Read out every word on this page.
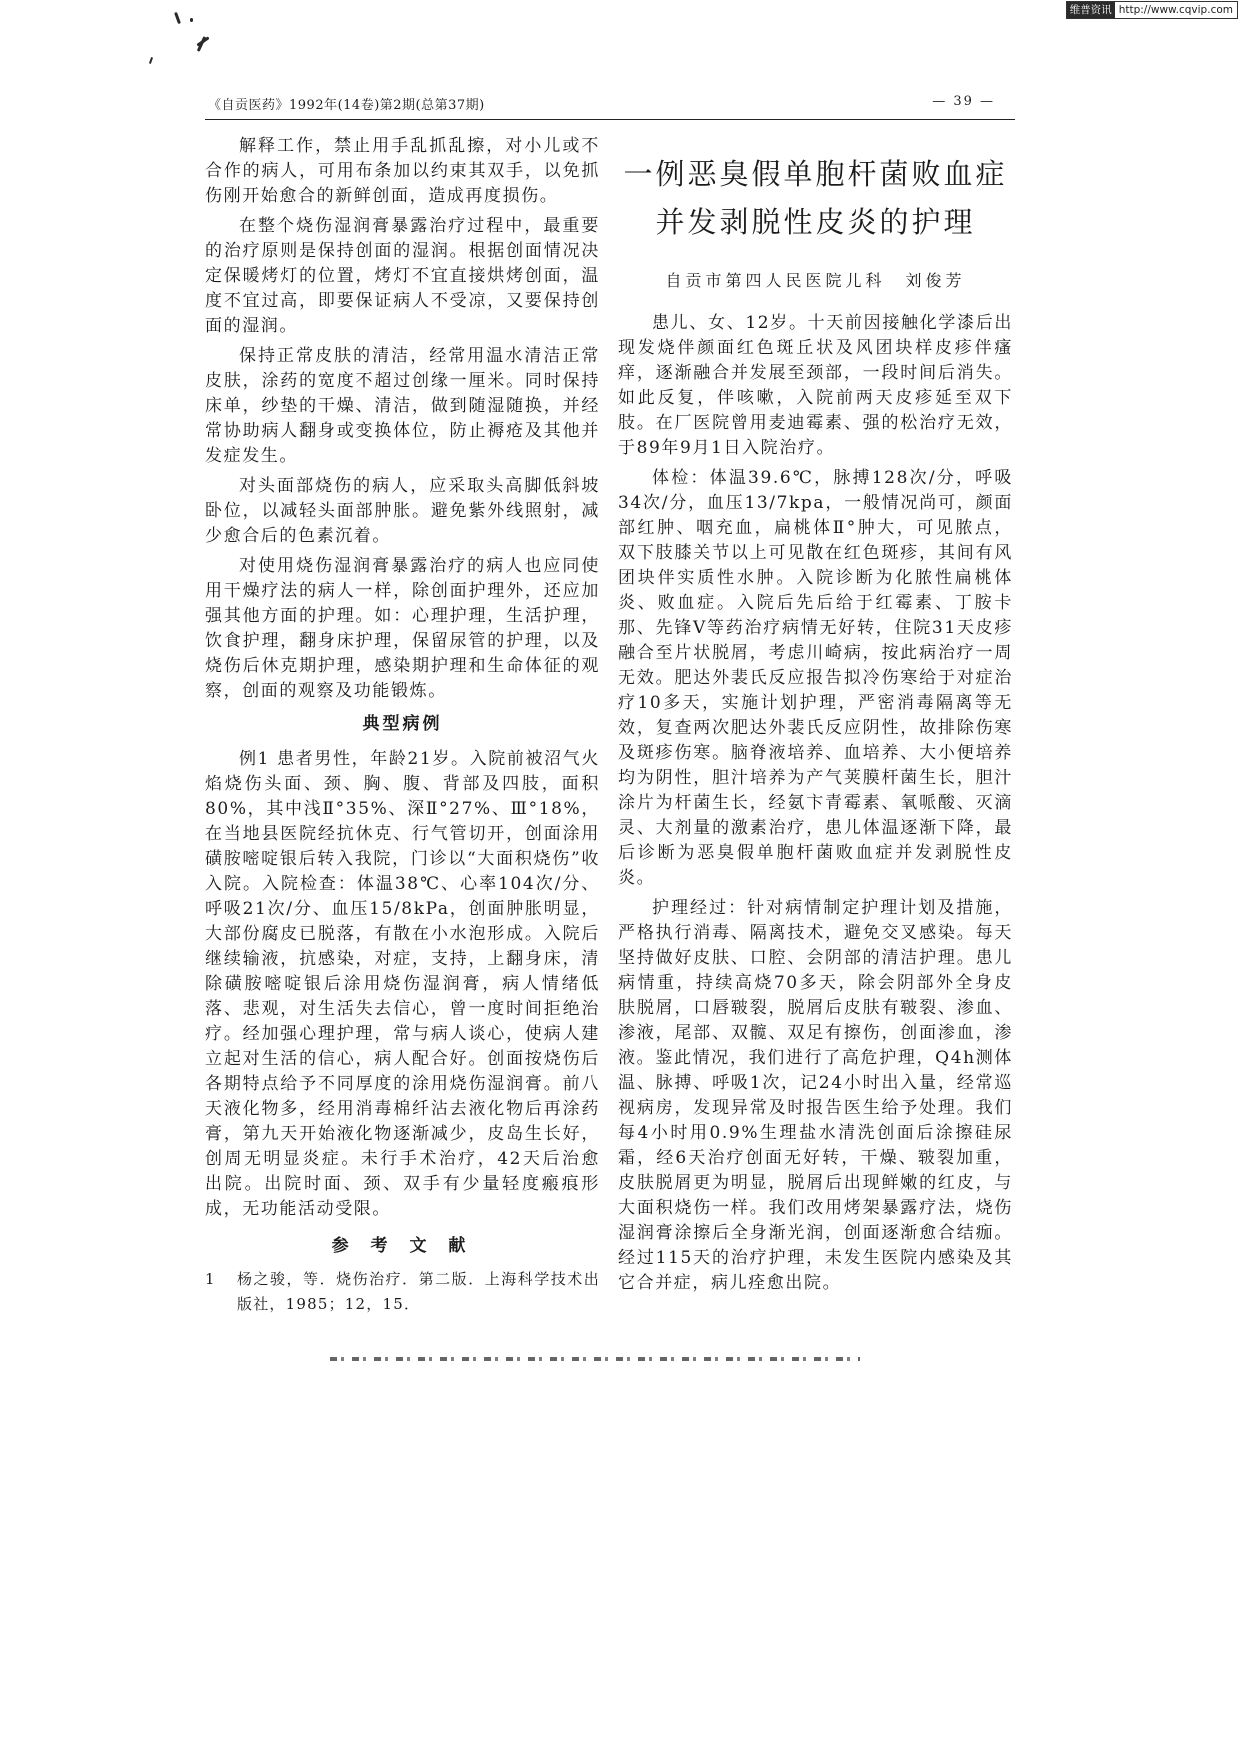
维普资讯 http://www.cqvip.com
《自贡医药》1992年(14卷)第2期(总第37期)	— 39 —

解释工作，禁止用手乱抓乱擦，对小儿或不合作的病人，可用布条加以约束其双手，以免抓伤刚开始愈合的新鲜创面，造成再度损伤。

在整个烧伤湿润膏暴露治疗过程中，最重要的治疗原则是保持创面的湿润。根据创面情况决定保暖烤灯的位置，烤灯不宜直接烘烤创面，温度不宜过高，即要保证病人不受凉，又要保持创面的湿润。

保持正常皮肤的清洁，经常用温水清洁正常皮肤，涂药的宽度不超过创缘一厘米。同时保持床单，纱垫的干燥、清洁，做到随湿随换，并经常协助病人翻身或变换体位，防止褥疮及其他并发症发生。

对头面部烧伤的病人，应采取头高脚低斜坡卧位，以减轻头面部肿胀。避免紫外线照射，减少愈合后的色素沉着。

对使用烧伤湿润膏暴露治疗的病人也应同使用干燥疗法的病人一样，除创面护理外，还应加强其他方面的护理。如：心理护理，生活护理，饮食护理，翻身床护理，保留尿管的护理，以及烧伤后休克期护理，感染期护理和生命体征的观察，创面的观察及功能锻炼。

典型病例

例1 患者男性，年龄21岁。入院前被沼气火焰烧伤头面、颈、胸、腹、背部及四肢，面积80%，其中浅Ⅱ°35%、深Ⅱ°27%、Ⅲ°18%，在当地县医院经抗休克、行气管切开，创面涂用磺胺嘧啶银后转入我院，门诊以“大面积烧伤”收入院。入院检查：体温38℃、心率104次/分、呼吸21次/分、血压15/8kPa，创面肿胀明显，大部份腐皮已脱落，有散在小水泡形成。入院后继续输液，抗感染，对症，支持，上翻身床，清除磺胺嘧啶银后涂用烧伤湿润膏，病人情绪低落、悲观，对生活失去信心，曾一度时间拒绝治疗。经加强心理护理，常与病人谈心，使病人建立起对生活的信心，病人配合好。创面按烧伤后各期特点给予不同厚度的涂用烧伤湿润膏。前八天液化物多，经用消毒棉纤沾去液化物后再涂药膏，第九天开始液化物逐渐减少，皮岛生长好，创周无明显炎症。未行手术治疗，42天后治愈出院。出院时面、颈、双手有少量轻度瘢痕形成，无功能活动受限。

参 考 文 献
1	杨之骏，等．烧伤治疗．第二版．上海科学技术出版社，1985；12，15．
一例恶臭假单胞杆菌败血症
并发剥脱性皮炎的护理
自贡市第四人民医院儿科　刘俊芳

患儿、女、12岁。十天前因接触化学漆后出现发烧伴颜面红色斑丘状及风团块样皮疹伴瘙痒，逐渐融合并发展至颈部，一段时间后消失。如此反复，伴咳嗽，入院前两天皮疹延至双下肢。在厂医院曾用麦迪霉素、强的松治疗无效，于89年9月1日入院治疗。

体检：体温39.6℃，脉搏128次/分，呼吸34次/分，血压13/7kpa，一般情况尚可，颜面部红肿、咽充血，扁桃体Ⅱ°肿大，可见脓点，双下肢膝关节以上可见散在红色斑疹，其间有风团块伴实质性水肿。入院诊断为化脓性扁桃体炎、败血症。入院后先后给于红霉素、丁胺卡那、先锋Ⅴ等药治疗病情无好转，住院31天皮疹融合至片状脱屑，考虑川崎病，按此病治疗一周无效。肥达外裴氏反应报告拟冷伤寒给于对症治疗10多天，实施计划护理，严密消毒隔离等无效，复查两次肥达外裴氏反应阴性，故排除伤寒及斑疹伤寒。脑脊液培养、血培养、大小便培养均为阴性，胆汁培养为产气荚膜杆菌生长，胆汁涂片为杆菌生长，经氨卞青霉素、氧哌酸、灭滴灵、大剂量的激素治疗，患儿体温逐渐下降，最后诊断为恶臭假单胞杆菌败血症并发剥脱性皮炎。

护理经过：针对病情制定护理计划及措施，严格执行消毒、隔离技术，避免交叉感染。每天坚持做好皮肤、口腔、会阴部的清洁护理。患儿病情重，持续高烧70多天，除会阴部外全身皮肤脱屑，口唇皲裂，脱屑后皮肤有皲裂、渗血、渗液，尾部、双髋、双足有擦伤，创面渗血，渗液。鉴此情况，我们进行了高危护理，Q4h测体温、脉搏、呼吸1次，记24小时出入量，经常巡视病房，发现异常及时报告医生给予处理。我们每4小时用0.9%生理盐水清洗创面后涂擦硅尿霜，经6天治疗创面无好转，干燥、皲裂加重，皮肤脱屑更为明显，脱屑后出现鲜嫩的红皮，与大面积烧伤一样。我们改用烤架暴露疗法，烧伤湿润膏涂擦后全身渐光润，创面逐渐愈合结痂。经过115天的治疗护理，未发生医院内感染及其它合并症，病儿痊愈出院。
